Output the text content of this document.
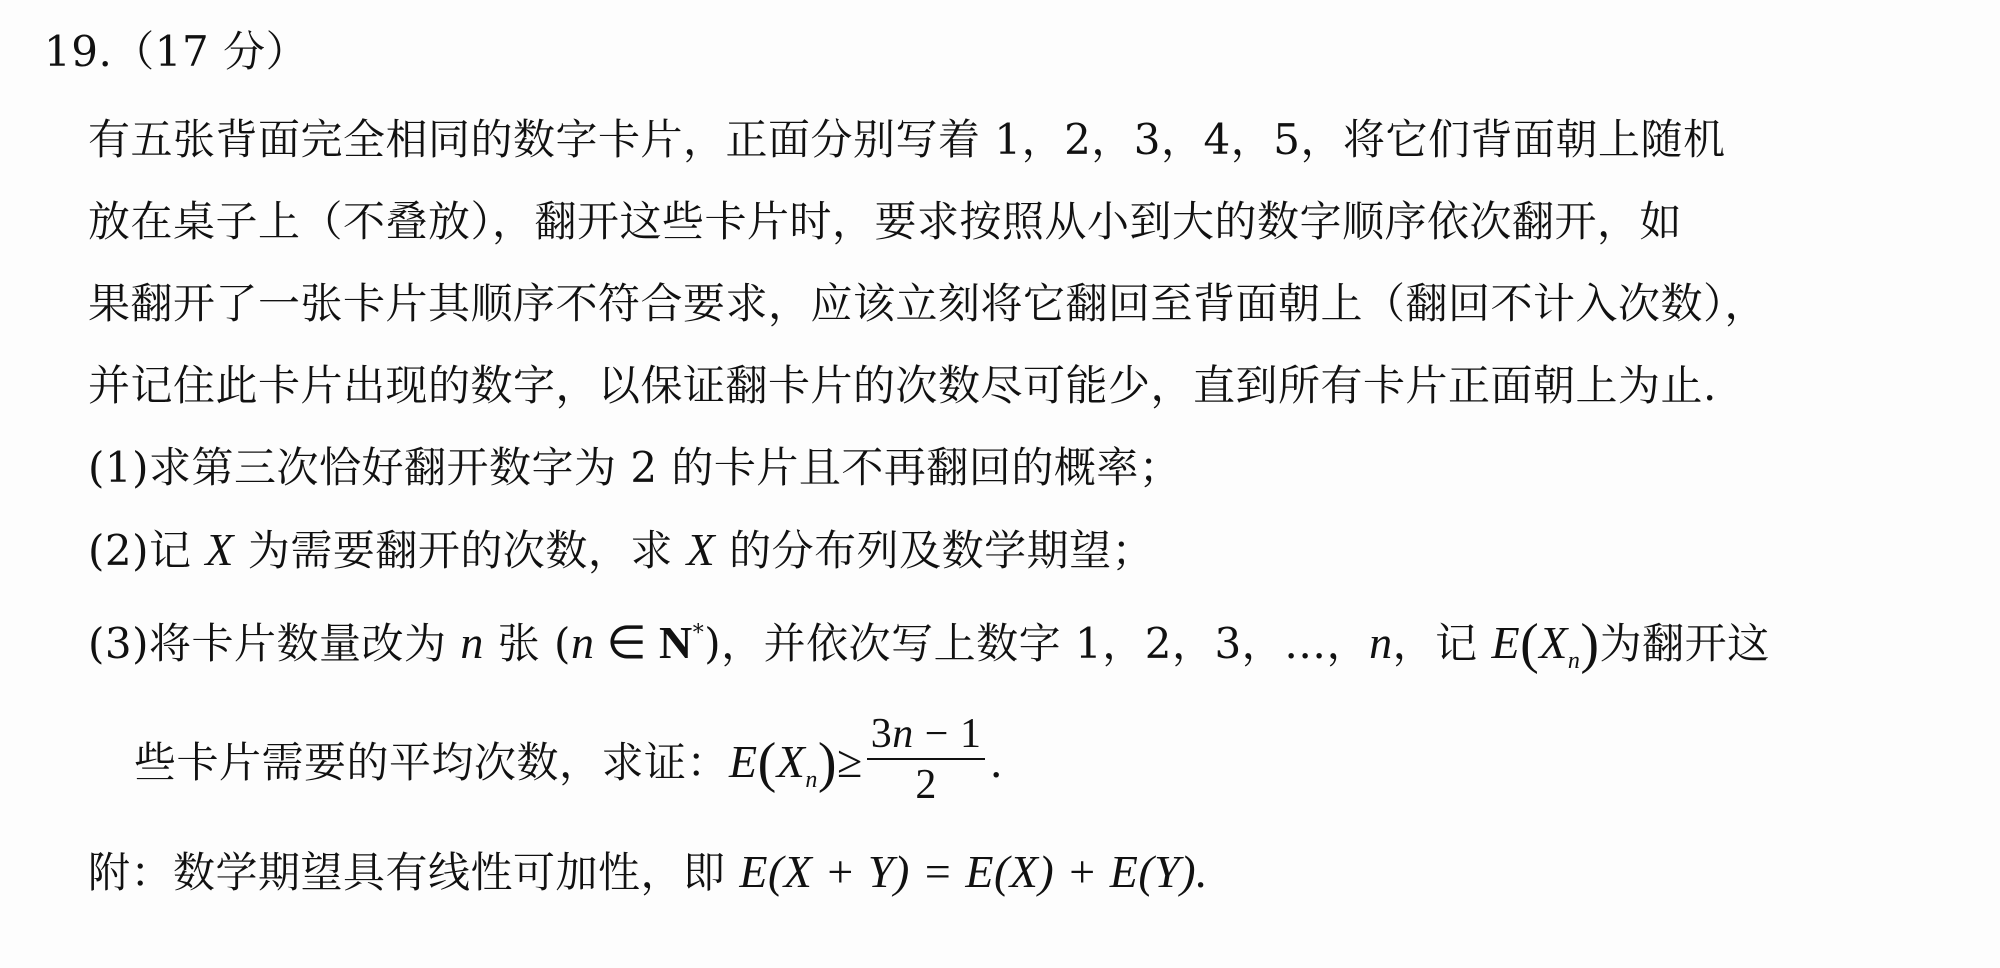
19.（17 分）
有五张背面完全相同的数字卡片，正面分别写着 1，2，3，4，5，将它们背面朝上随机
放在桌子上（不叠放），翻开这些卡片时，要求按照从小到大的数字顺序依次翻开，如
果翻开了一张卡片其顺序不符合要求，应该立刻将它翻回至背面朝上（翻回不计入次数），
并记住此卡片出现的数字，以保证翻卡片的次数尽可能少，直到所有卡片正面朝上为止.
(1)求第三次恰好翻开数字为 2 的卡片且不再翻回的概率；
(2)记 X 为需要翻开的次数，求 X 的分布列及数学期望；
(3)将卡片数量改为 n 张 (n ∈ N*)，并依次写上数字 1，2，3，…，n，记 $E(X_n)$为翻开这
些卡片需要的平均次数，求证：$E(X_n)\ge \frac{3n - 1}{2}$ .
附：数学期望具有线性可加性，即 E(X + Y) = E(X) + E(Y).
